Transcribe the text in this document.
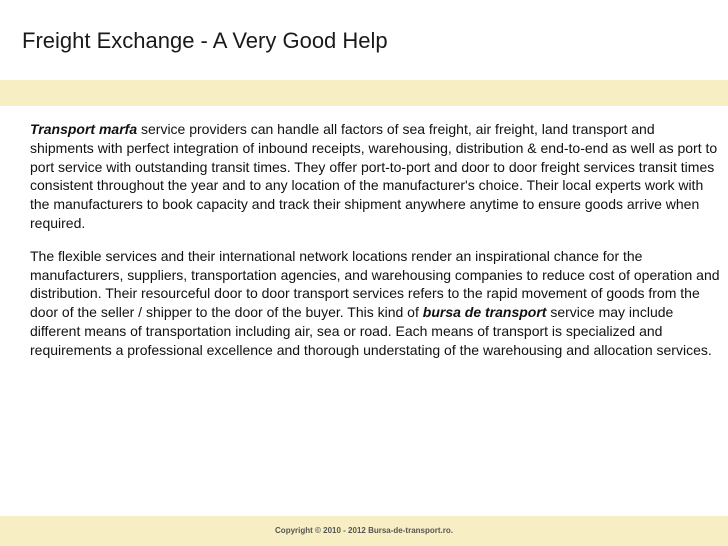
Freight Exchange - A Very Good Help

Transport marfa service providers can handle all factors of sea freight, air freight, land transport and shipments with perfect integration of inbound receipts, warehousing, distribution & end-to-end as well as port to port service with outstanding transit times. They offer port-to-port and door to door freight services transit times consistent throughout the year and to any location of the manufacturer's choice. Their local experts work with the manufacturers to book capacity and track their shipment anywhere anytime to ensure goods arrive when required.

The flexible services and their international network locations render an inspirational chance for the manufacturers, suppliers, transportation agencies, and warehousing companies to reduce cost of operation and distribution. Their resourceful door to door transport services refers to the rapid movement of goods from the door of the seller / shipper to the door of the buyer. This kind of bursa de transport service may include different means of transportation including air, sea or road. Each means of transport is specialized and requirements a professional excellence and thorough understating of the warehousing and allocation services.

Copyright © 2010 - 2012 Bursa-de-transport.ro.
